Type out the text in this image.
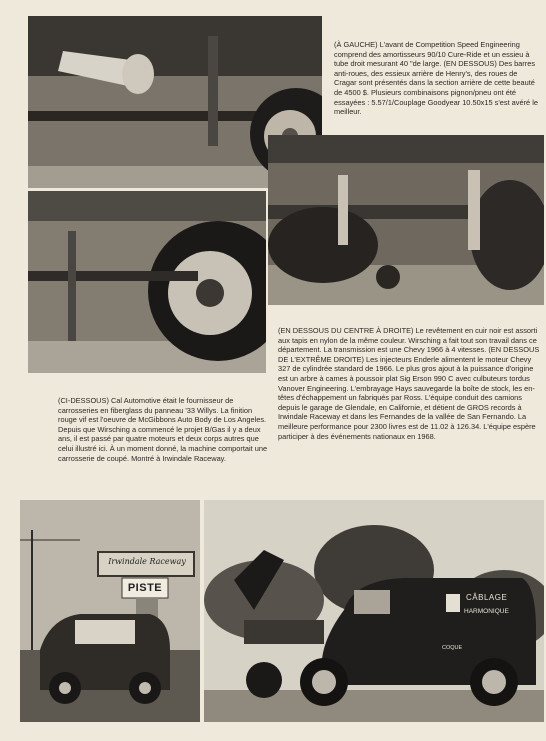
(À GAUCHE) L'avant de Competition Speed Engineering comprend des amortisseurs 90/10 Cure-Ride et un essieu à tube droit mesurant 40 "de large. (EN DESSOUS) Des barres anti-roues, des essieux arrière de Henry's, des roues de Cragar sont présentés dans la section arrière de cette beauté de 4500 $. Plusieurs combinaisons pignon/pneu ont été essayées : 5.57/1/Couplage Goodyear 10.50x15 s'est avéré le meilleur.
(EN DESSOUS DU CENTRE À DROITE) Le revêtement en cuir noir est assorti aux tapis en nylon de la même couleur. Wirsching a fait tout son travail dans ce département. La transmission est une Chevy 1966 à 4 vitesses. (EN DESSOUS DE L'EXTRÊME DROITE) Les injecteurs Enderle alimentent le moteur Chevy 327 de cylindrée standard de 1966. Le plus gros ajout à la puissance d'origine est un arbre à cames à poussoir plat Sig Erson 990 C avec culbuteurs tordus Vanover Engineering. L'embrayage Hays sauvegarde la boîte de stock, les en-têtes d'échappement un fabriqués par Ross. L'équipe conduit des camions depuis le garage de Glendale, en Californie, et détient de GROS records à Irwindale Raceway et dans les Fernandes de la vallée de San Fernando. La meilleure performance pour 2300 livres est de 11.02 à 126.34. L'équipe espère participer à des événements nationaux en 1968.
(CI-DESSOUS) Cal Automotive était le fournisseur de carrosseries en fiberglass du panneau '33 Willys. La finition rouge vif est l'oeuvre de McGibbons Auto Body de Los Angeles. Depuis que Wirsching a commencé le projet B/Gas il y a deux ans, il est passé par quatre moteurs et deux corps autres que celui illustré ici. À un moment donné, la machine comportait une carrosserie de coupé. Montré à Irwindale Raceway.
Irwindale Raceway
PISTE
CÂBLAGE
HARMONIQUE
COQUE
